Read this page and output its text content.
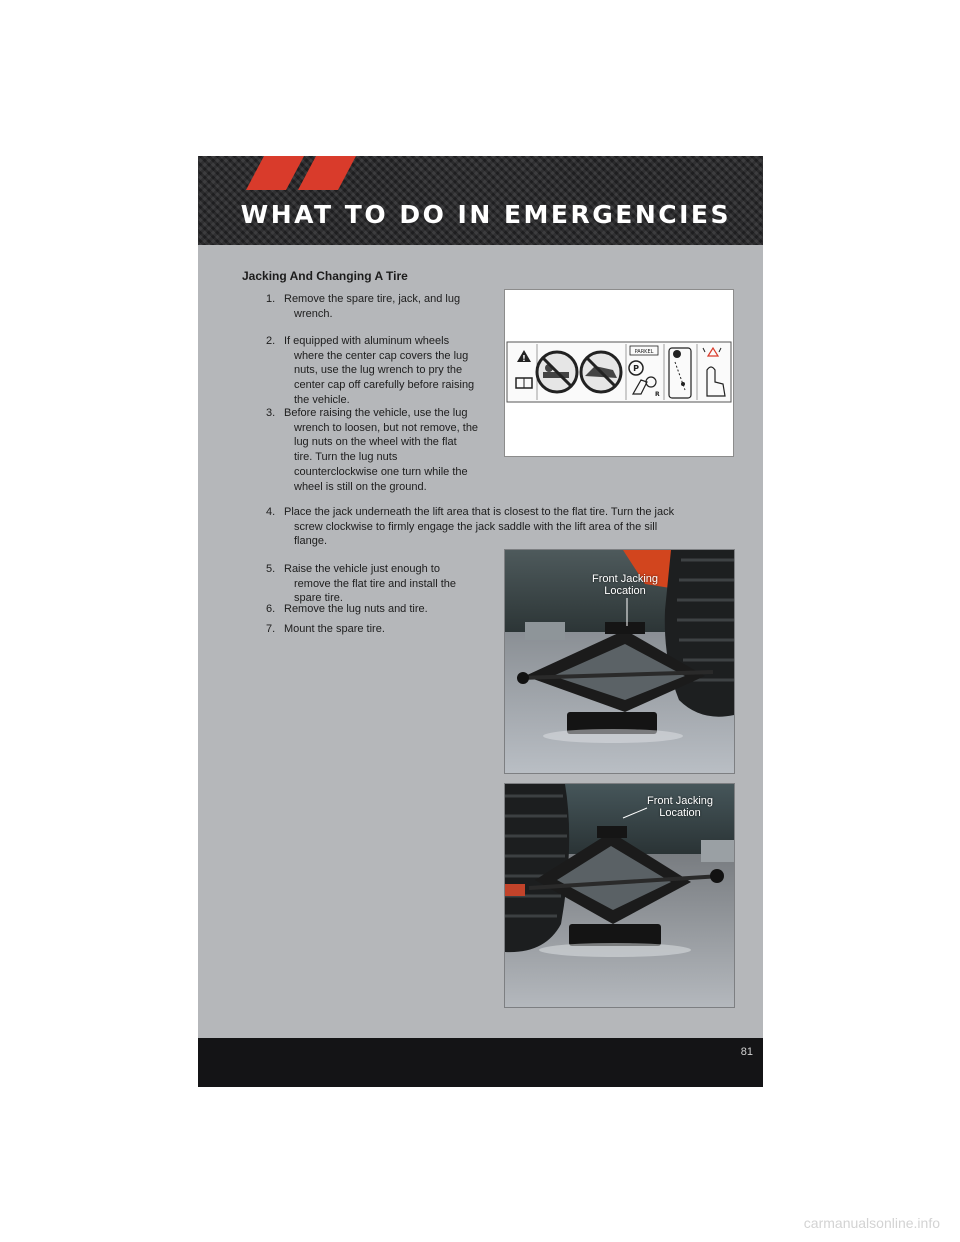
WHAT TO DO IN EMERGENCIES
Jacking And Changing A Tire
1. Remove the spare tire, jack, and lug
wrench.
2. If equipped with aluminum wheels
where the center cap covers the lug
nuts, use the lug wrench to pry the
center cap off carefully before raising
the vehicle.
3. Before raising the vehicle, use the lug
wrench to loosen, but not remove, the
lug nuts on the wheel with the flat
tire. Turn the lug nuts
counterclockwise one turn while the
wheel is still on the ground.
4. Place the jack underneath the lift area that is closest to the flat tire. Turn the jack
screw clockwise to firmly engage the jack saddle with the lift area of the sill
flange.
5. Raise the vehicle just enough to
remove the flat tire and install the
spare tire.
6. Remove the lug nuts and tire.
7. Mount the spare tire.
!
PARKEL
P
R
Front Jacking
Location
Front Jacking
Location
81
carmanualsonline.info
